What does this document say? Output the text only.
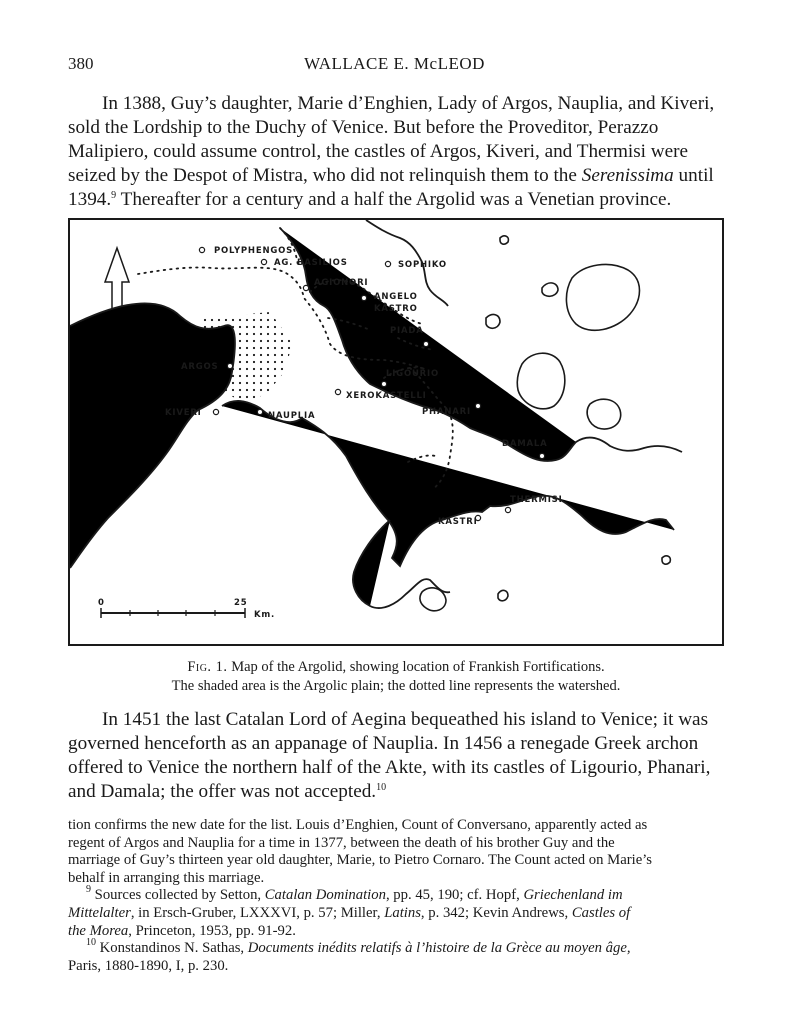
380	WALLACE E. McLEOD

In 1388, Guy’s daughter, Marie d’Enghien, Lady of Argos, Nauplia, and Kiveri,
sold the Lordship to the Duchy of Venice. But before the Proveditor, Perazzo
Malipiero, could assume control, the castles of Argos, Kiveri, and Thermisi were
seized by the Despot of Mistra, who did not relinquish them to the Serenissima until
1394.$^9$ Thereafter for a century and a half the Argolid was a Venetian province.

POLYPHENGOS
AG. BASILIOS	SOPHIKO
AGIONORI
ANGELO
KASTRO
PIADA
ARGOS
LIGOURIO
XEROKASTELLI
KIVERI	NAUPLIA	PHANARI
DAMALA
THERMISI
KASTRI
0	25
Km.
Fig. 1. Map of the Argolid, showing location of Frankish Fortifications.
The shaded area is the Argolic plain; the dotted line represents the watershed.

In 1451 the last Catalan Lord of Aegina bequeathed his island to Venice; it was
governed henceforth as an appanage of Nauplia. In 1456 a renegade Greek archon
offered to Venice the northern half of the Akte, with its castles of Ligourio, Phanari,
and Damala; the offer was not accepted.$^{10}$

tion confirms the new date for the list. Louis d’Enghien, Count of Conversano, apparently acted as
regent of Argos and Nauplia for a time in 1377, between the death of his brother Guy and the
marriage of Guy’s thirteen year old daughter, Marie, to Pietro Cornaro. The Count acted on Marie’s
behalf in arranging this marriage.
$^9$ Sources collected by Setton, Catalan Domination, pp. 45, 190; cf. Hopf, Griechenland im
Mittelalter, in Ersch-Gruber, LXXXVI, p. 57; Miller, Latins, p. 342; Kevin Andrews, Castles of
the Morea, Princeton, 1953, pp. 91-92.
$^{10}$ Konstandinos N. Sathas, Documents inédits relatifs à l’histoire de la Grèce au moyen âge,
Paris, 1880-1890, I, p. 230.
